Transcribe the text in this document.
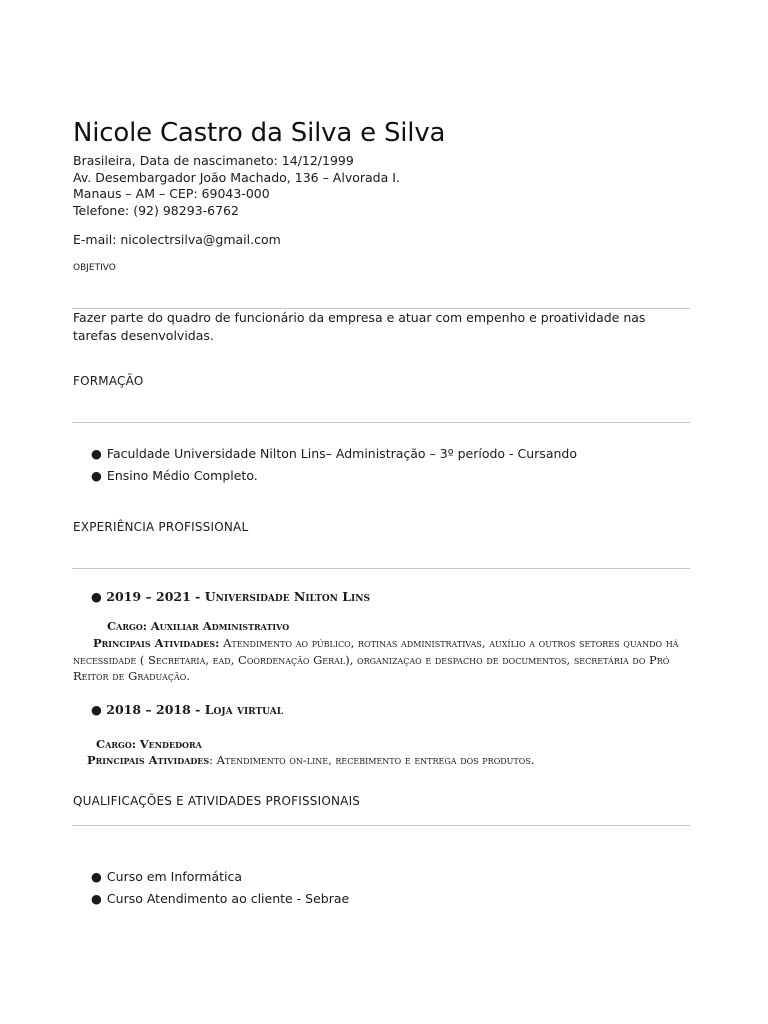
Nicole Castro da Silva e Silva
Brasileira, Data de nascimaneto: 14/12/1999
Av. Desembargador João Machado, 136 – Alvorada I.
Manaus – AM – CEP: 69043-000
Telefone: (92) 98293-6762
E-mail: nicolectrsilva@gmail.com
OBJETIVO
Fazer parte do quadro de funcionário da empresa e atuar com empenho e proatividade nas tarefas desenvolvidas.
FORMAÇÃO
● Faculdade Universidade Nilton Lins– Administração – 3º período - Cursando
● Ensino Médio Completo.
EXPERIÊNCIA PROFISSIONAL
● 2019 – 2021 - Universidade Nilton Lins
Cargo: Auxiliar Administrativo
Principais Atividades: Atendimento ao público, rotinas administrativas, auxílio a outros setores quando há necessidade ( Secretaria, ead, Coordenação Geral), organizaçao e despacho de documentos, secretária do Pró Reitor de Graduação.
● 2018 – 2018 - Loja virtual
Cargo: Vendedora
Principais Atividades: Atendimento on-line, recebimento e entrega dos produtos.
QUALIFICAÇÕES E ATIVIDADES PROFISSIONAIS
● Curso em Informática
● Curso Atendimento ao cliente - Sebrae
